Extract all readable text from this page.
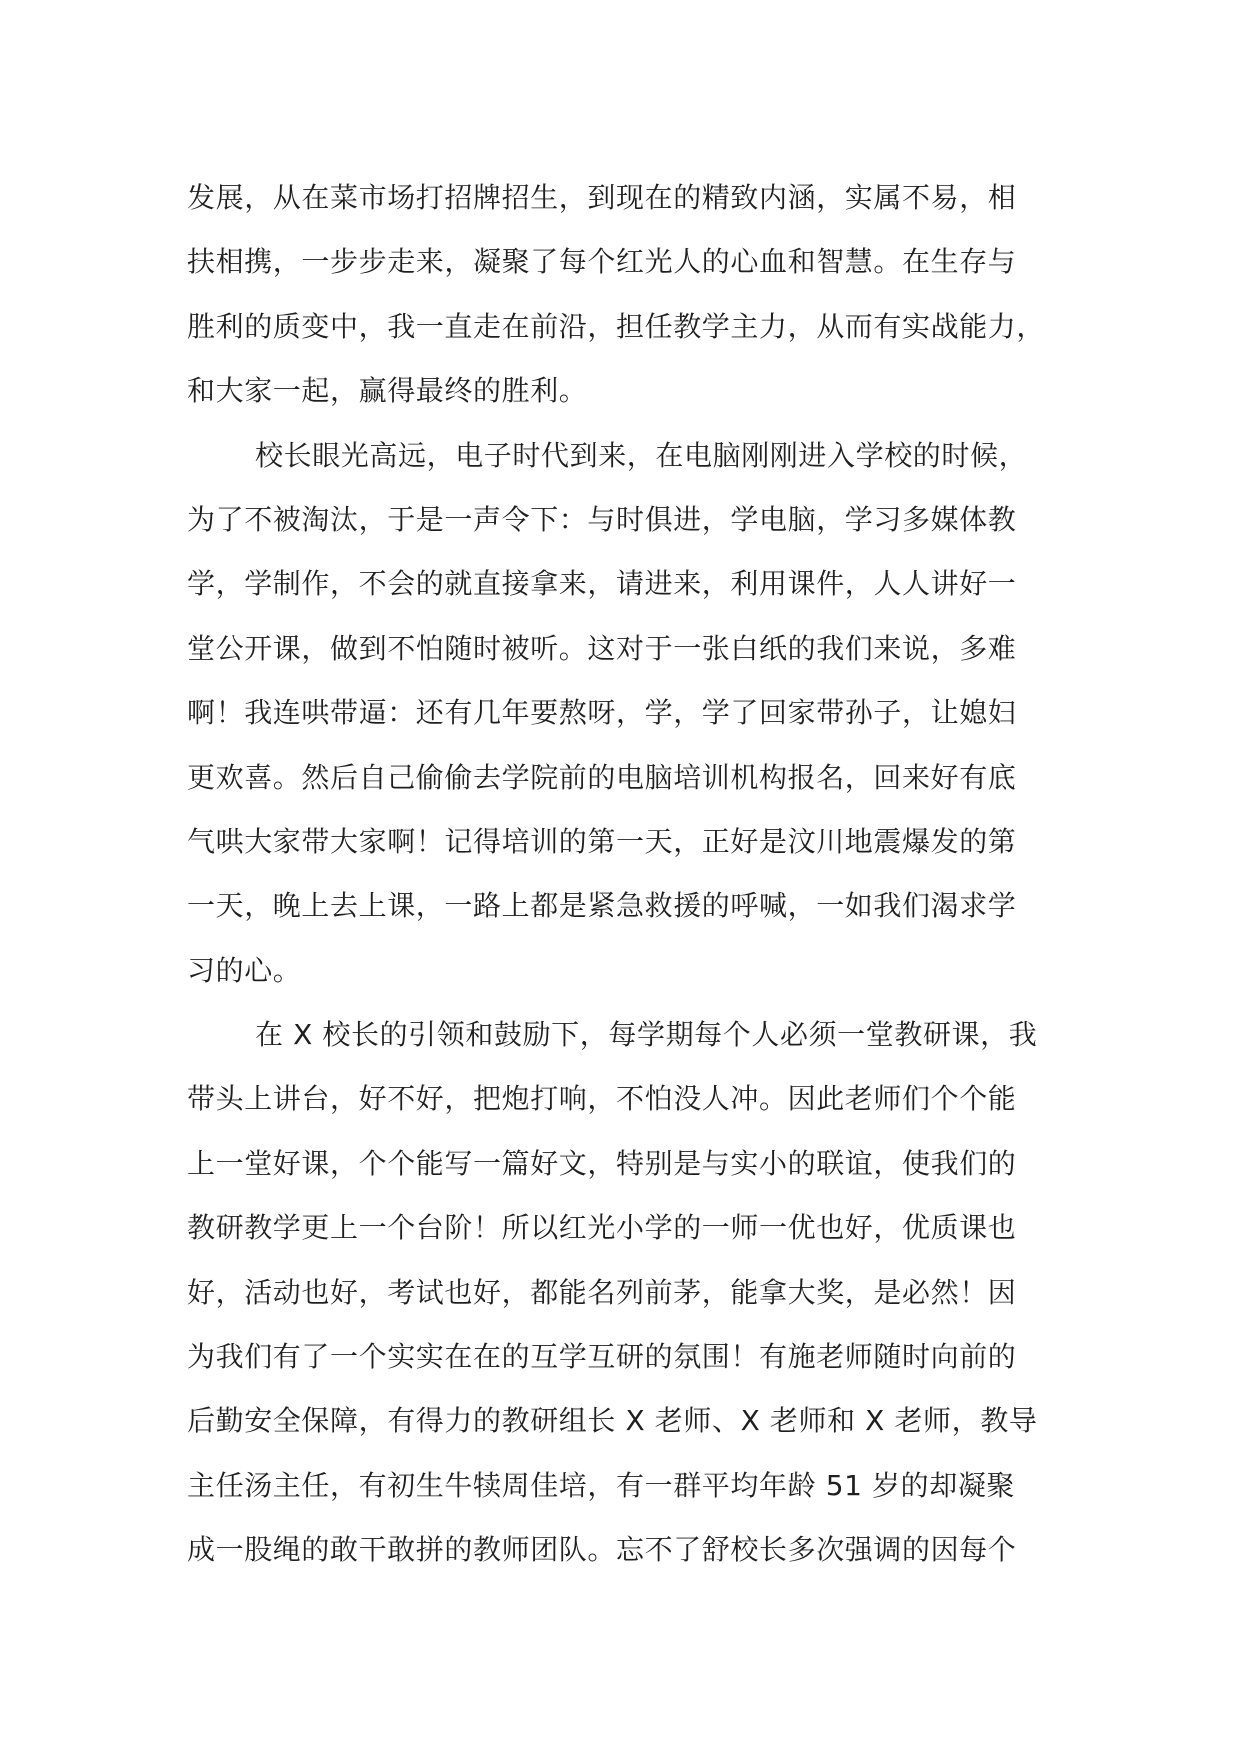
发展，从在菜市场打招牌招生，到现在的精致内涵，实属不易，相
扶相携，一步步走来，凝聚了每个红光人的心血和智慧。在生存与
胜利的质变中，我一直走在前沿，担任教学主力，从而有实战能力，
和大家一起，赢得最终的胜利。
校长眼光高远，电子时代到来，在电脑刚刚进入学校的时候，
为了不被淘汰，于是一声令下：与时俱进，学电脑，学习多媒体教
学，学制作，不会的就直接拿来，请进来，利用课件，人人讲好一
堂公开课，做到不怕随时被听。这对于一张白纸的我们来说，多难
啊！我连哄带逼：还有几年要熬呀，学，学了回家带孙子，让媳妇
更欢喜。然后自己偷偷去学院前的电脑培训机构报名，回来好有底
气哄大家带大家啊！记得培训的第一天，正好是汶川地震爆发的第
一天，晚上去上课，一路上都是紧急救援的呼喊，一如我们渴求学
习的心。
在 X 校长的引领和鼓励下，每学期每个人必须一堂教研课，我
带头上讲台，好不好，把炮打响，不怕没人冲。因此老师们个个能
上一堂好课，个个能写一篇好文，特别是与实小的联谊，使我们的
教研教学更上一个台阶！所以红光小学的一师一优也好，优质课也
好，活动也好，考试也好，都能名列前茅，能拿大奖，是必然！因
为我们有了一个实实在在的互学互研的氛围！有施老师随时向前的
后勤安全保障，有得力的教研组长 X 老师、X 老师和 X 老师，教导
主任汤主任，有初生牛犊周佳培，有一群平均年龄 51 岁的却凝聚
成一股绳的敢干敢拼的教师团队。忘不了舒校长多次强调的因每个
